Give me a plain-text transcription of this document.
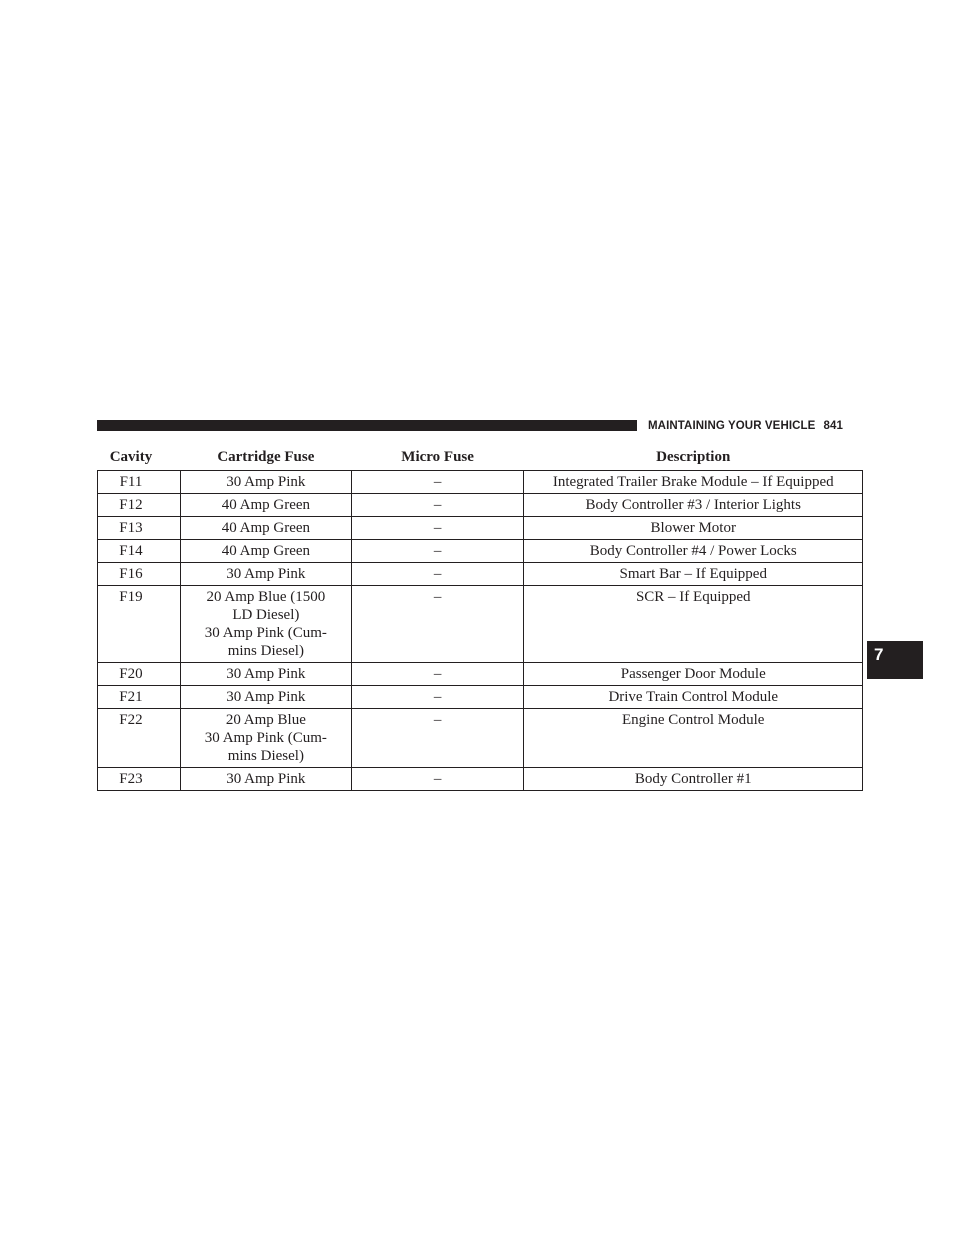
MAINTAINING YOUR VEHICLE 841
7
Cavity	Cartridge Fuse	Micro Fuse	Description
F11	30 Amp Pink	–	Integrated Trailer Brake Module – If Equipped
F12	40 Amp Green	–	Body Controller #3 / Interior Lights
F13	40 Amp Green	–	Blower Motor
F14	40 Amp Green	–	Body Controller #4 / Power Locks
F16	30 Amp Pink	–	Smart Bar – If Equipped
F19	20 Amp Blue (1500
LD Diesel)
30 Amp Pink (Cum-
mins Diesel)	–	SCR – If Equipped
F20	30 Amp Pink	–	Passenger Door Module
F21	30 Amp Pink	–	Drive Train Control Module
F22	20 Amp Blue
30 Amp Pink (Cum-
mins Diesel)	–	Engine Control Module
F23	30 Amp Pink	–	Body Controller #1
